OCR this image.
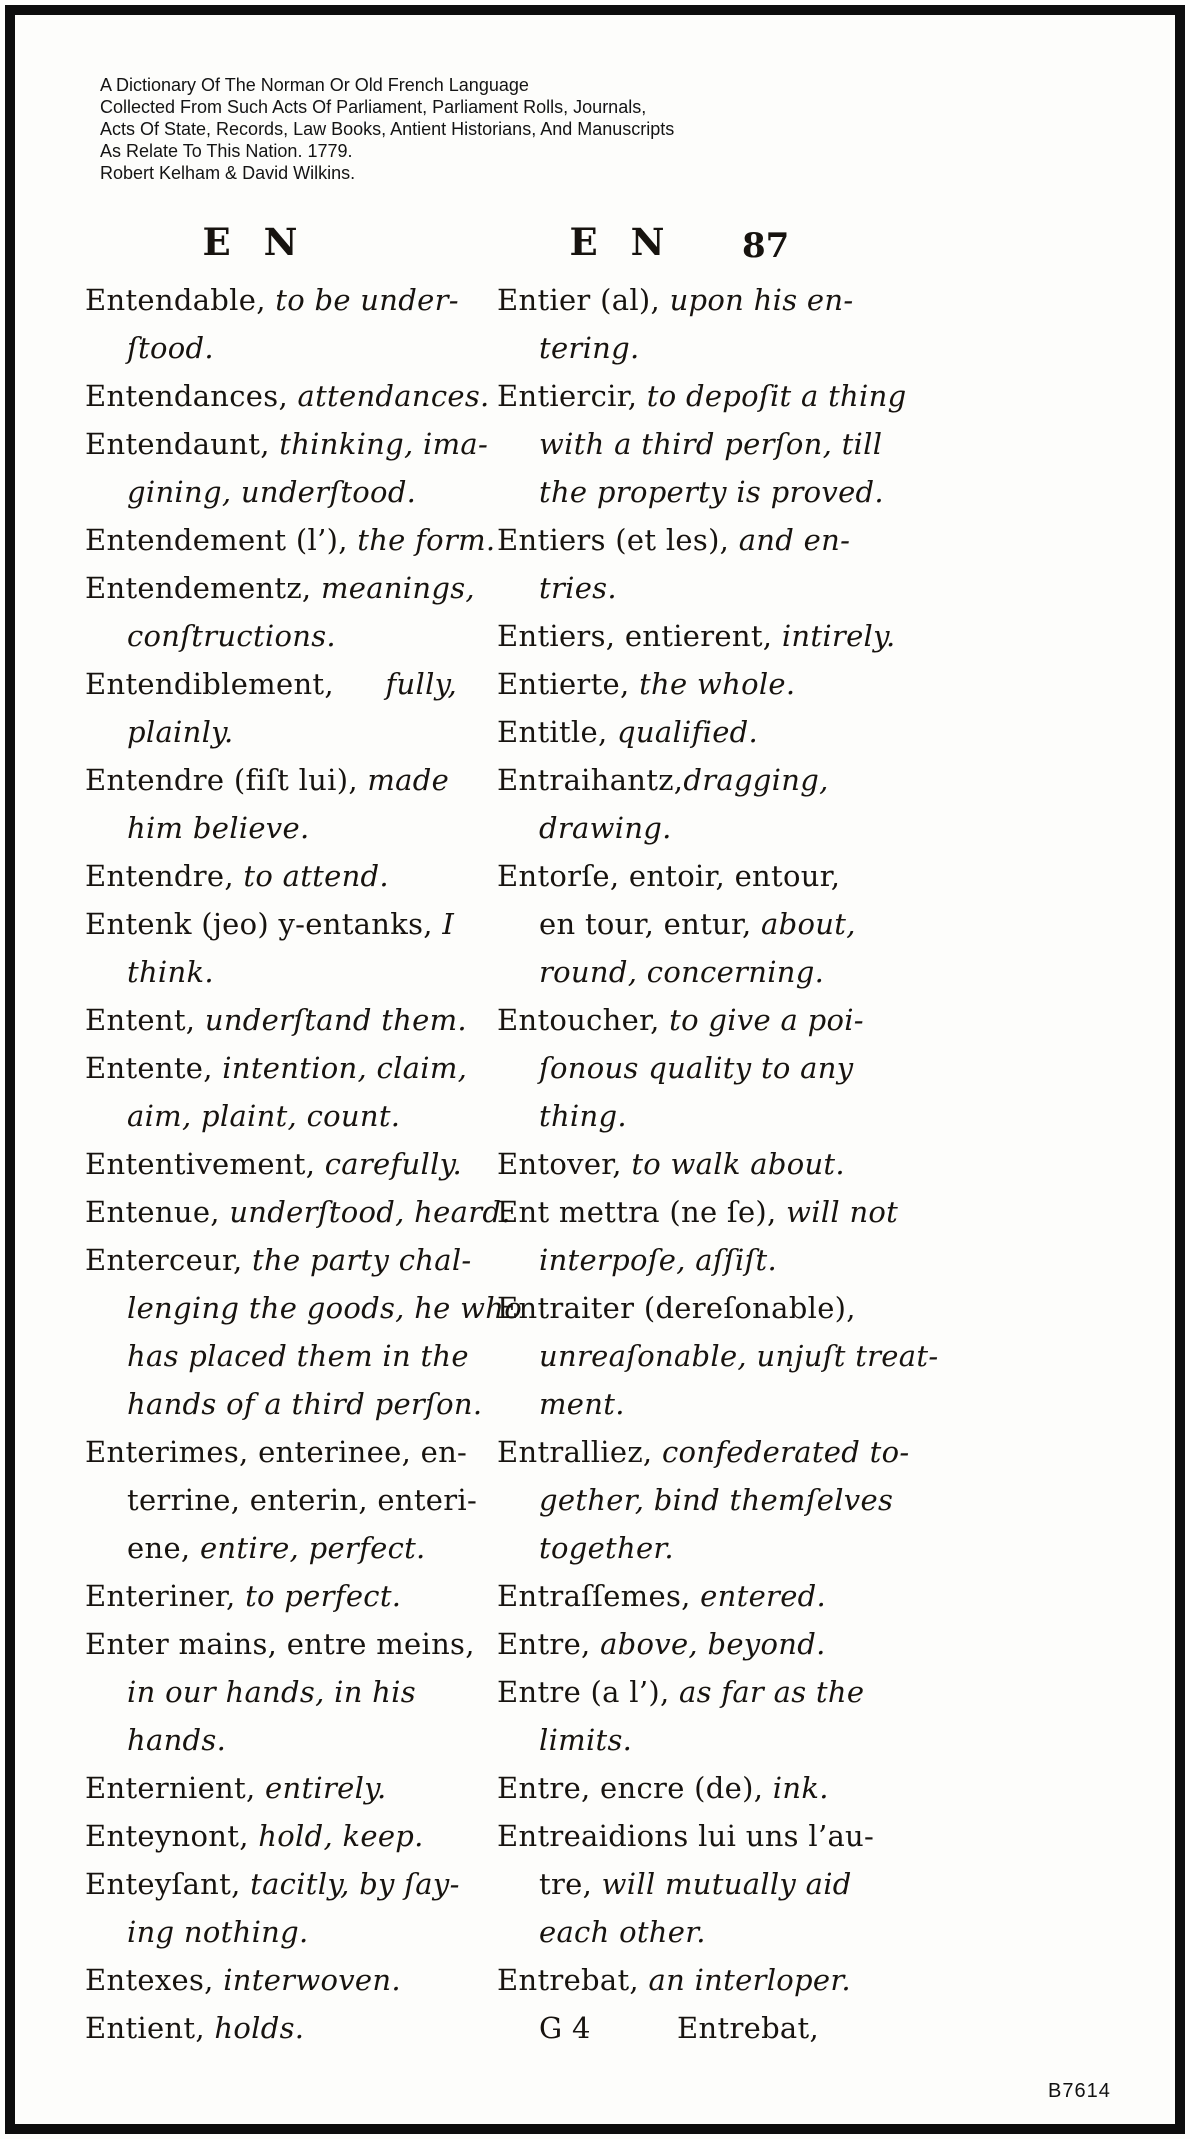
A Dictionary Of The Norman Or Old French Language
Collected From Such Acts Of Parliament, Parliament Rolls, Journals,
Acts Of State, Records, Law Books, Antient Historians, And Manuscripts
As Relate To This Nation. 1779.
Robert Kelham & David Wilkins.
E N	E N	87
Entendable, to be under-
ſtood.
Entendances, attendances.
Entendaunt, thinking, ima-
gining, underſtood.
Entendement (l’), the form.
Entendementz, meanings,
conſtructions.
Entendiblement, fully,
plainly.
Entendre (fiſt lui), made
him believe.
Entendre, to attend.
Entenk (jeo) y-entanks, I
think.
Entent, underſtand them.
Entente, intention, claim,
aim, plaint, count.
Ententivement, carefully.
Entenue, underſtood, heard.
Enterceur, the party chal-
lenging the goods, he who
has placed them in the
hands of a third perſon.
Enterimes, enterinee, en-
terrine, enterin, enteri-
ene, entire, perfect.
Enteriner, to perfect.
Enter mains, entre meins,
in our hands, in his
hands.
Enternient, entirely.
Enteynont, hold, keep.
Enteyſant, tacitly, by ſay-
ing nothing.
Entexes, interwoven.
Entient, holds.
Entier (al), upon his en-
tering.
Entiercir, to depoſit a thing
with a third perſon, till
the property is proved.
Entiers (et les), and en-
tries.
Entiers, entierent, intirely.
Entierte, the whole.
Entitle, qualified.
Entraihantz, dragging,
drawing.
Entorſe, entoir, entour,
en tour, entur, about,
round, concerning.
Entoucher, to give a poi-
ſonous quality to any
thing.
Entover, to walk about.
Ent mettra (ne ſe), will not
interpoſe, aſſiſt.
Entraiter (dereſonable),
unreaſonable, unjuſt treat-
ment.
Entralliez, confederated to-
gether, bind themſelves
together.
Entraſſemes, entered.
Entre, above, beyond.
Entre (a l’), as far as the
limits.
Entre, encre (de), ink.
Entreaidions lui uns l’au-
tre, will mutually aid
each other.
Entrebat, an interloper.
G 4	Entrebat,
B7614
